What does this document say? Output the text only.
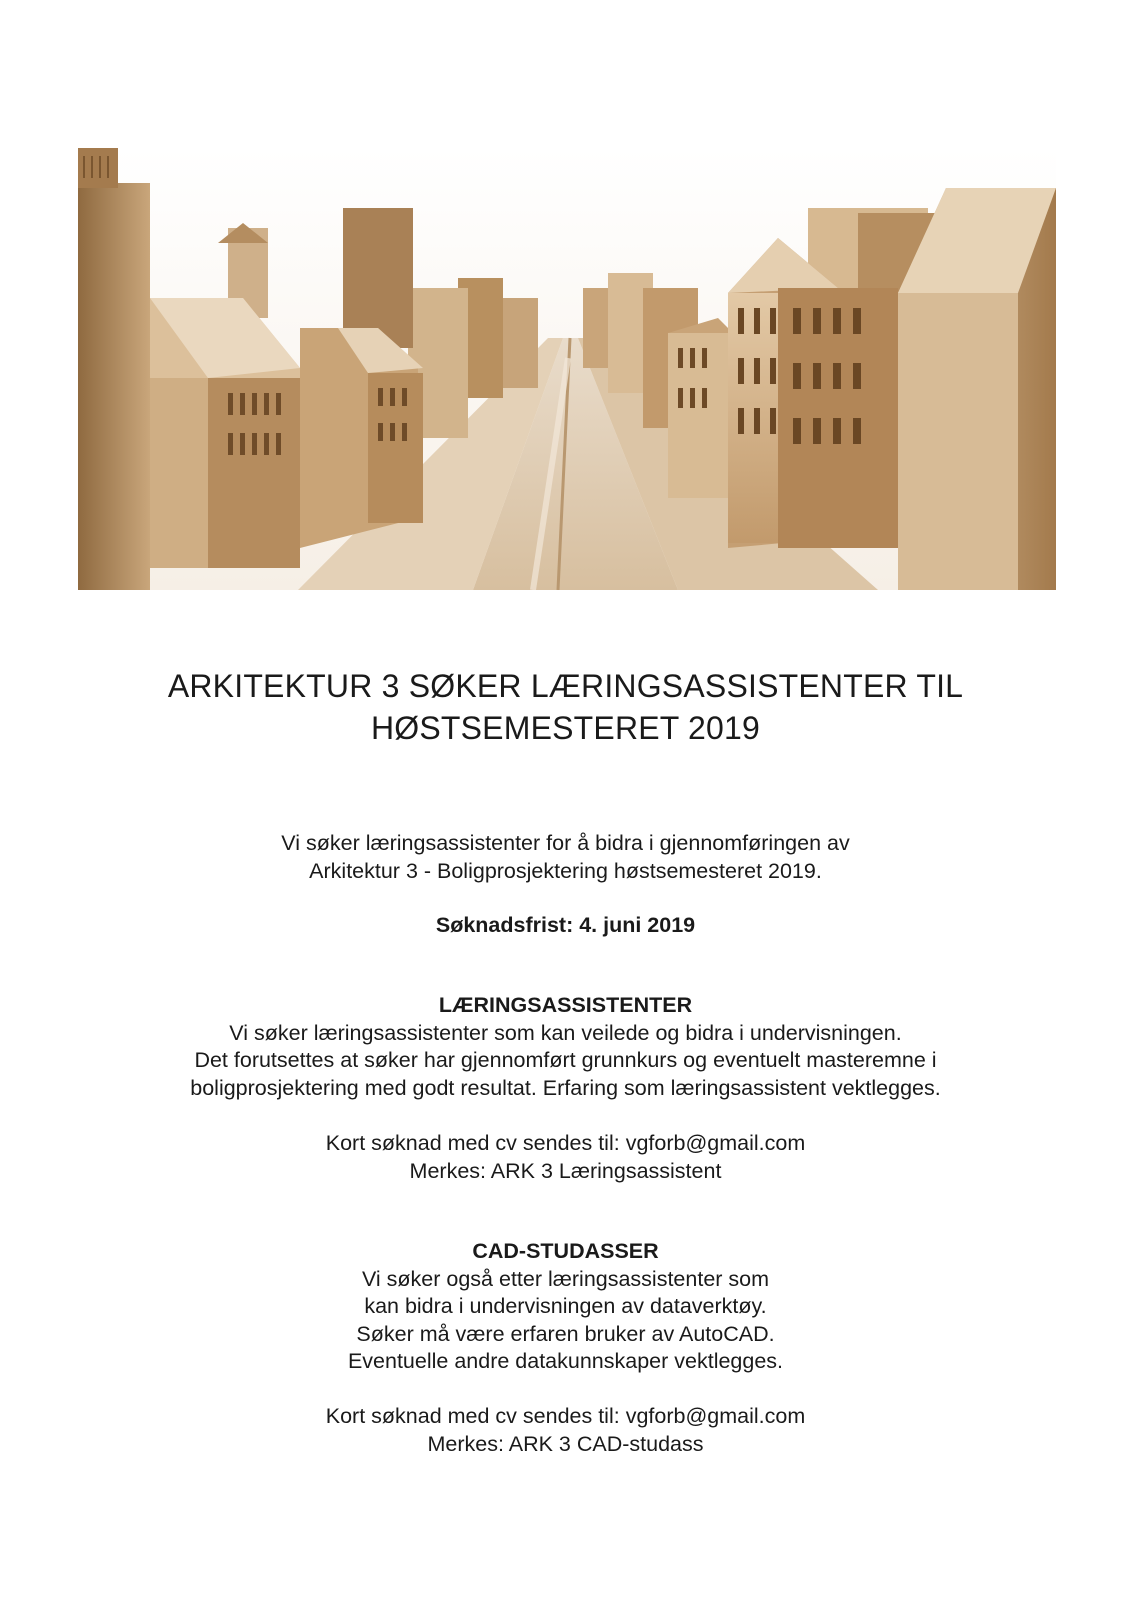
ARKITEKTUR 3 SØKER LÆRINGSASSISTENTER TIL
HØSTSEMESTERET 2019
Vi søker læringsassistenter for å bidra i gjennomføringen av
Arkitektur 3 - Boligprosjektering høstsemesteret 2019.
Søknadsfrist: 4. juni 2019
LÆRINGSASSISTENTER
Vi søker læringsassistenter som kan veilede og bidra i undervisningen.
Det forutsettes at søker har gjennomført grunnkurs og eventuelt masteremne i
boligprosjektering med godt resultat. Erfaring som læringsassistent vektlegges.
Kort søknad med cv sendes til: vgforb@gmail.com
Merkes: ARK 3 Læringsassistent
CAD-STUDASSER
Vi søker også etter læringsassistenter som
kan bidra i undervisningen av dataverktøy.
Søker må være erfaren bruker av AutoCAD.
Eventuelle andre datakunnskaper vektlegges.
Kort søknad med cv sendes til: vgforb@gmail.com
Merkes: ARK 3 CAD-studass
